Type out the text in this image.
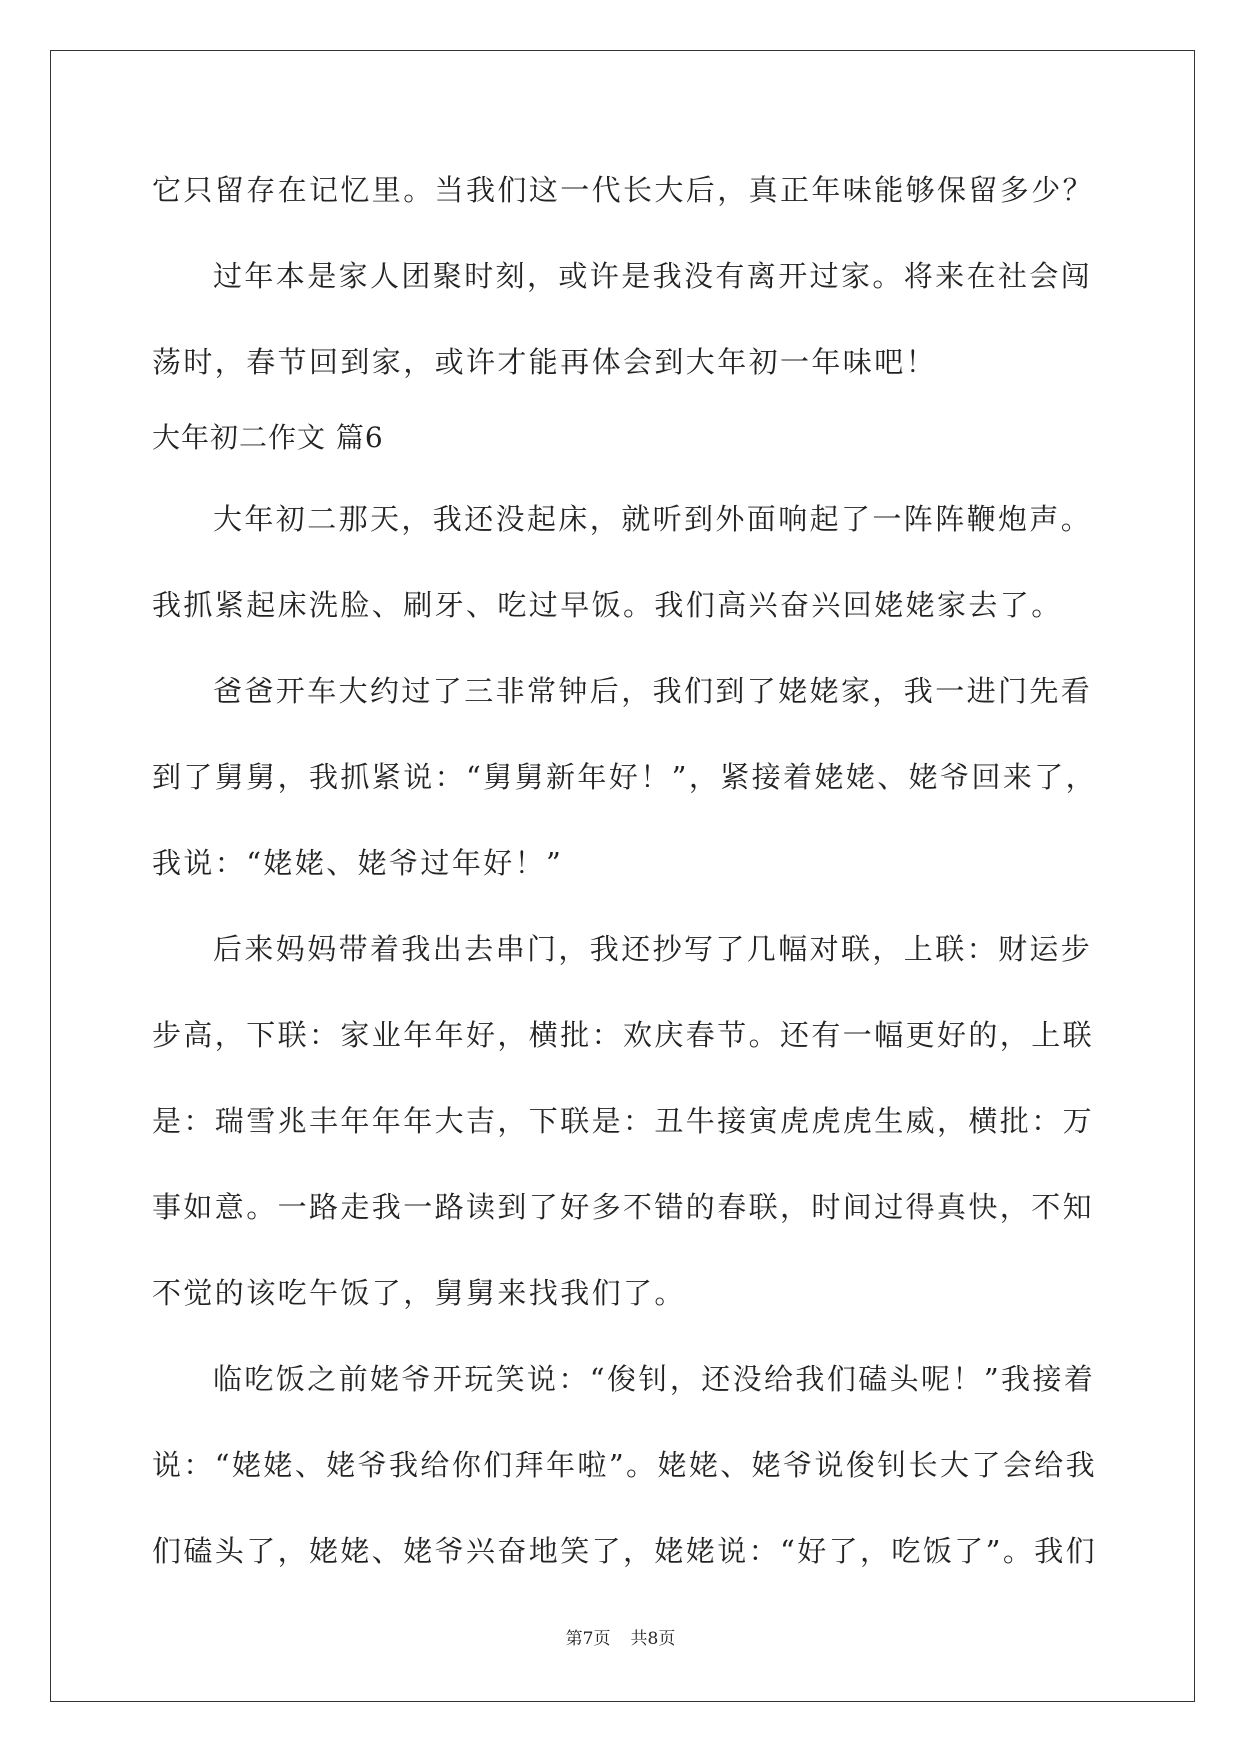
它只留存在记忆里。当我们这一代长大后，真正年味能够保留多少？
过年本是家人团聚时刻，或许是我没有离开过家。将来在社会闯
荡时，春节回到家，或许才能再体会到大年初一年味吧！
大年初二作文 篇6
大年初二那天，我还没起床，就听到外面响起了一阵阵鞭炮声。
我抓紧起床洗脸、刷牙、吃过早饭。我们高兴奋兴回姥姥家去了。
爸爸开车大约过了三非常钟后，我们到了姥姥家，我一进门先看
到了舅舅，我抓紧说：“舅舅新年好！”，紧接着姥姥、姥爷回来了，
我说：“姥姥、姥爷过年好！”
后来妈妈带着我出去串门，我还抄写了几幅对联，上联：财运步
步高，下联：家业年年好，横批：欢庆春节。还有一幅更好的，上联
是：瑞雪兆丰年年年大吉，下联是：丑牛接寅虎虎虎生威，横批：万
事如意。一路走我一路读到了好多不错的春联，时间过得真快，不知
不觉的该吃午饭了，舅舅来找我们了。
临吃饭之前姥爷开玩笑说：“俊钊，还没给我们磕头呢！”我接着
说：“姥姥、姥爷我给你们拜年啦”。姥姥、姥爷说俊钊长大了会给我
们磕头了，姥姥、姥爷兴奋地笑了，姥姥说：“好了，吃饭了”。我们
第7页 共8页
